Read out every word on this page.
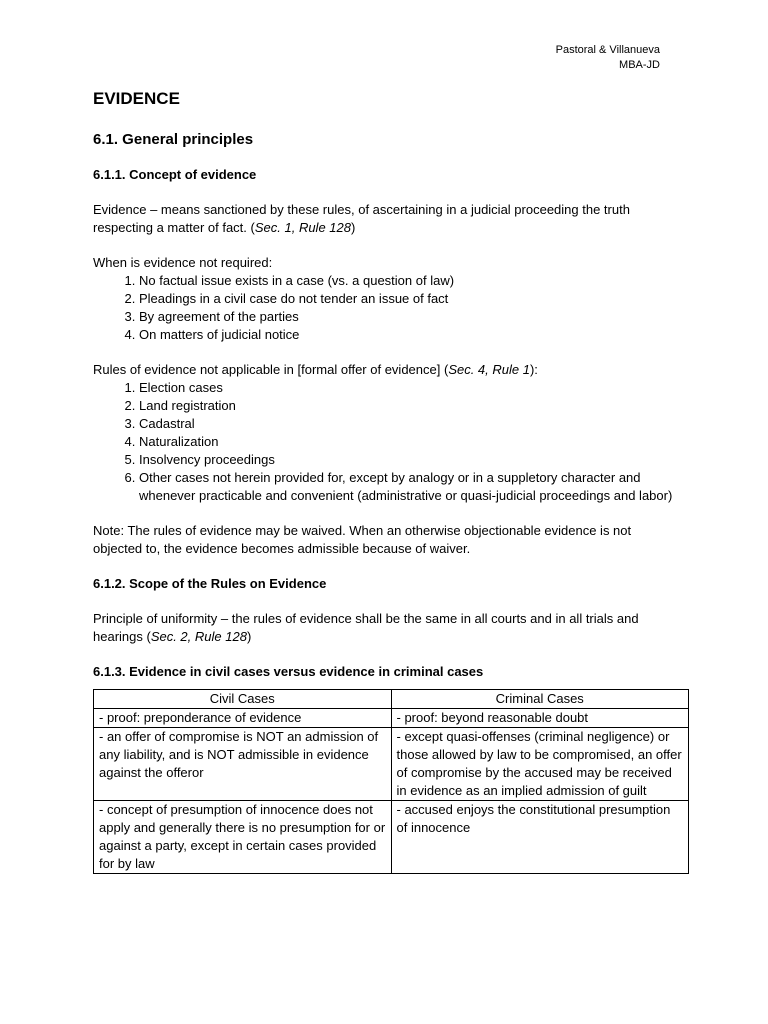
Pastoral & Villanueva
MBA-JD
EVIDENCE
6.1. General principles
6.1.1. Concept of evidence

Evidence – means sanctioned by these rules, of ascertaining in a judicial proceeding the truth respecting a matter of fact. (Sec. 1, Rule 128)

When is evidence not required:

1. No factual issue exists in a case (vs. a question of law)
2. Pleadings in a civil case do not tender an issue of fact
3. By agreement of the parties
4. On matters of judicial notice

Rules of evidence not applicable in [formal offer of evidence] (Sec. 4, Rule 1):

1. Election cases
2. Land registration
3. Cadastral
4. Naturalization
5. Insolvency proceedings
6. Other cases not herein provided for, except by analogy or in a suppletory character and whenever practicable and convenient (administrative or quasi-judicial proceedings and labor)

Note: The rules of evidence may be waived. When an otherwise objectionable evidence is not objected to, the evidence becomes admissible because of waiver.

6.1.2. Scope of the Rules on Evidence

Principle of uniformity – the rules of evidence shall be the same in all courts and in all trials and hearings (Sec. 2, Rule 128)

6.1.3. Evidence in civil cases versus evidence in criminal cases
Civil Cases	Criminal Cases
- proof: preponderance of evidence	- proof: beyond reasonable doubt
- an offer of compromise is NOT an admission of any liability, and is NOT admissible in evidence against the offeror	- except quasi-offenses (criminal negligence) or those allowed by law to be compromised, an offer of compromise by the accused may be received in evidence as an implied admission of guilt
- concept of presumption of innocence does not apply and generally there is no presumption for or against a party, except in certain cases provided for by law	- accused enjoys the constitutional presumption of innocence
